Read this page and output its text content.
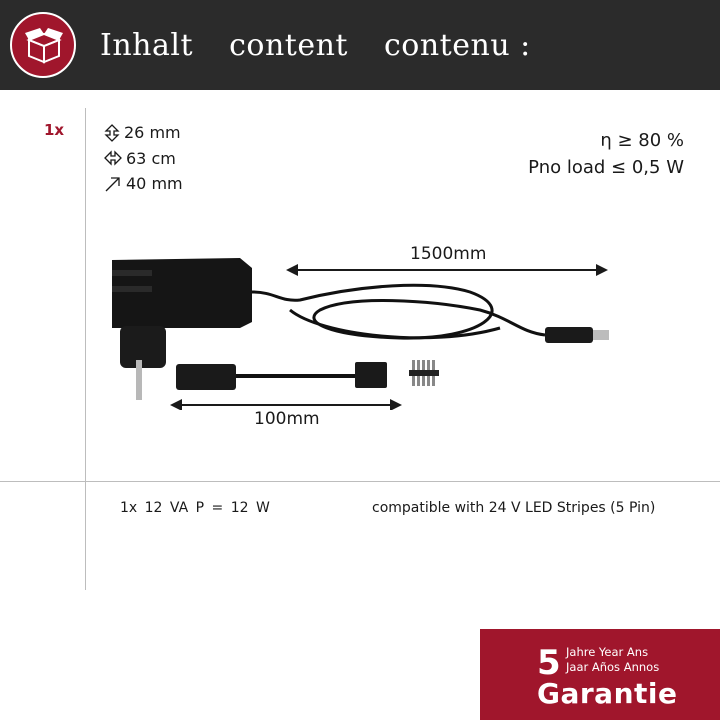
Inhalt content contenu :
1x	26 mm
63 cm
40 mm
η ≥ 80 %
Pno load ≤ 0,5 W
1500mm
100mm
1x 12 VA P = 12 W	compatible with 24 V LED Stripes (5 Pin)
5 Jahre Year Ans
Jaar Años Annos
Garantie
